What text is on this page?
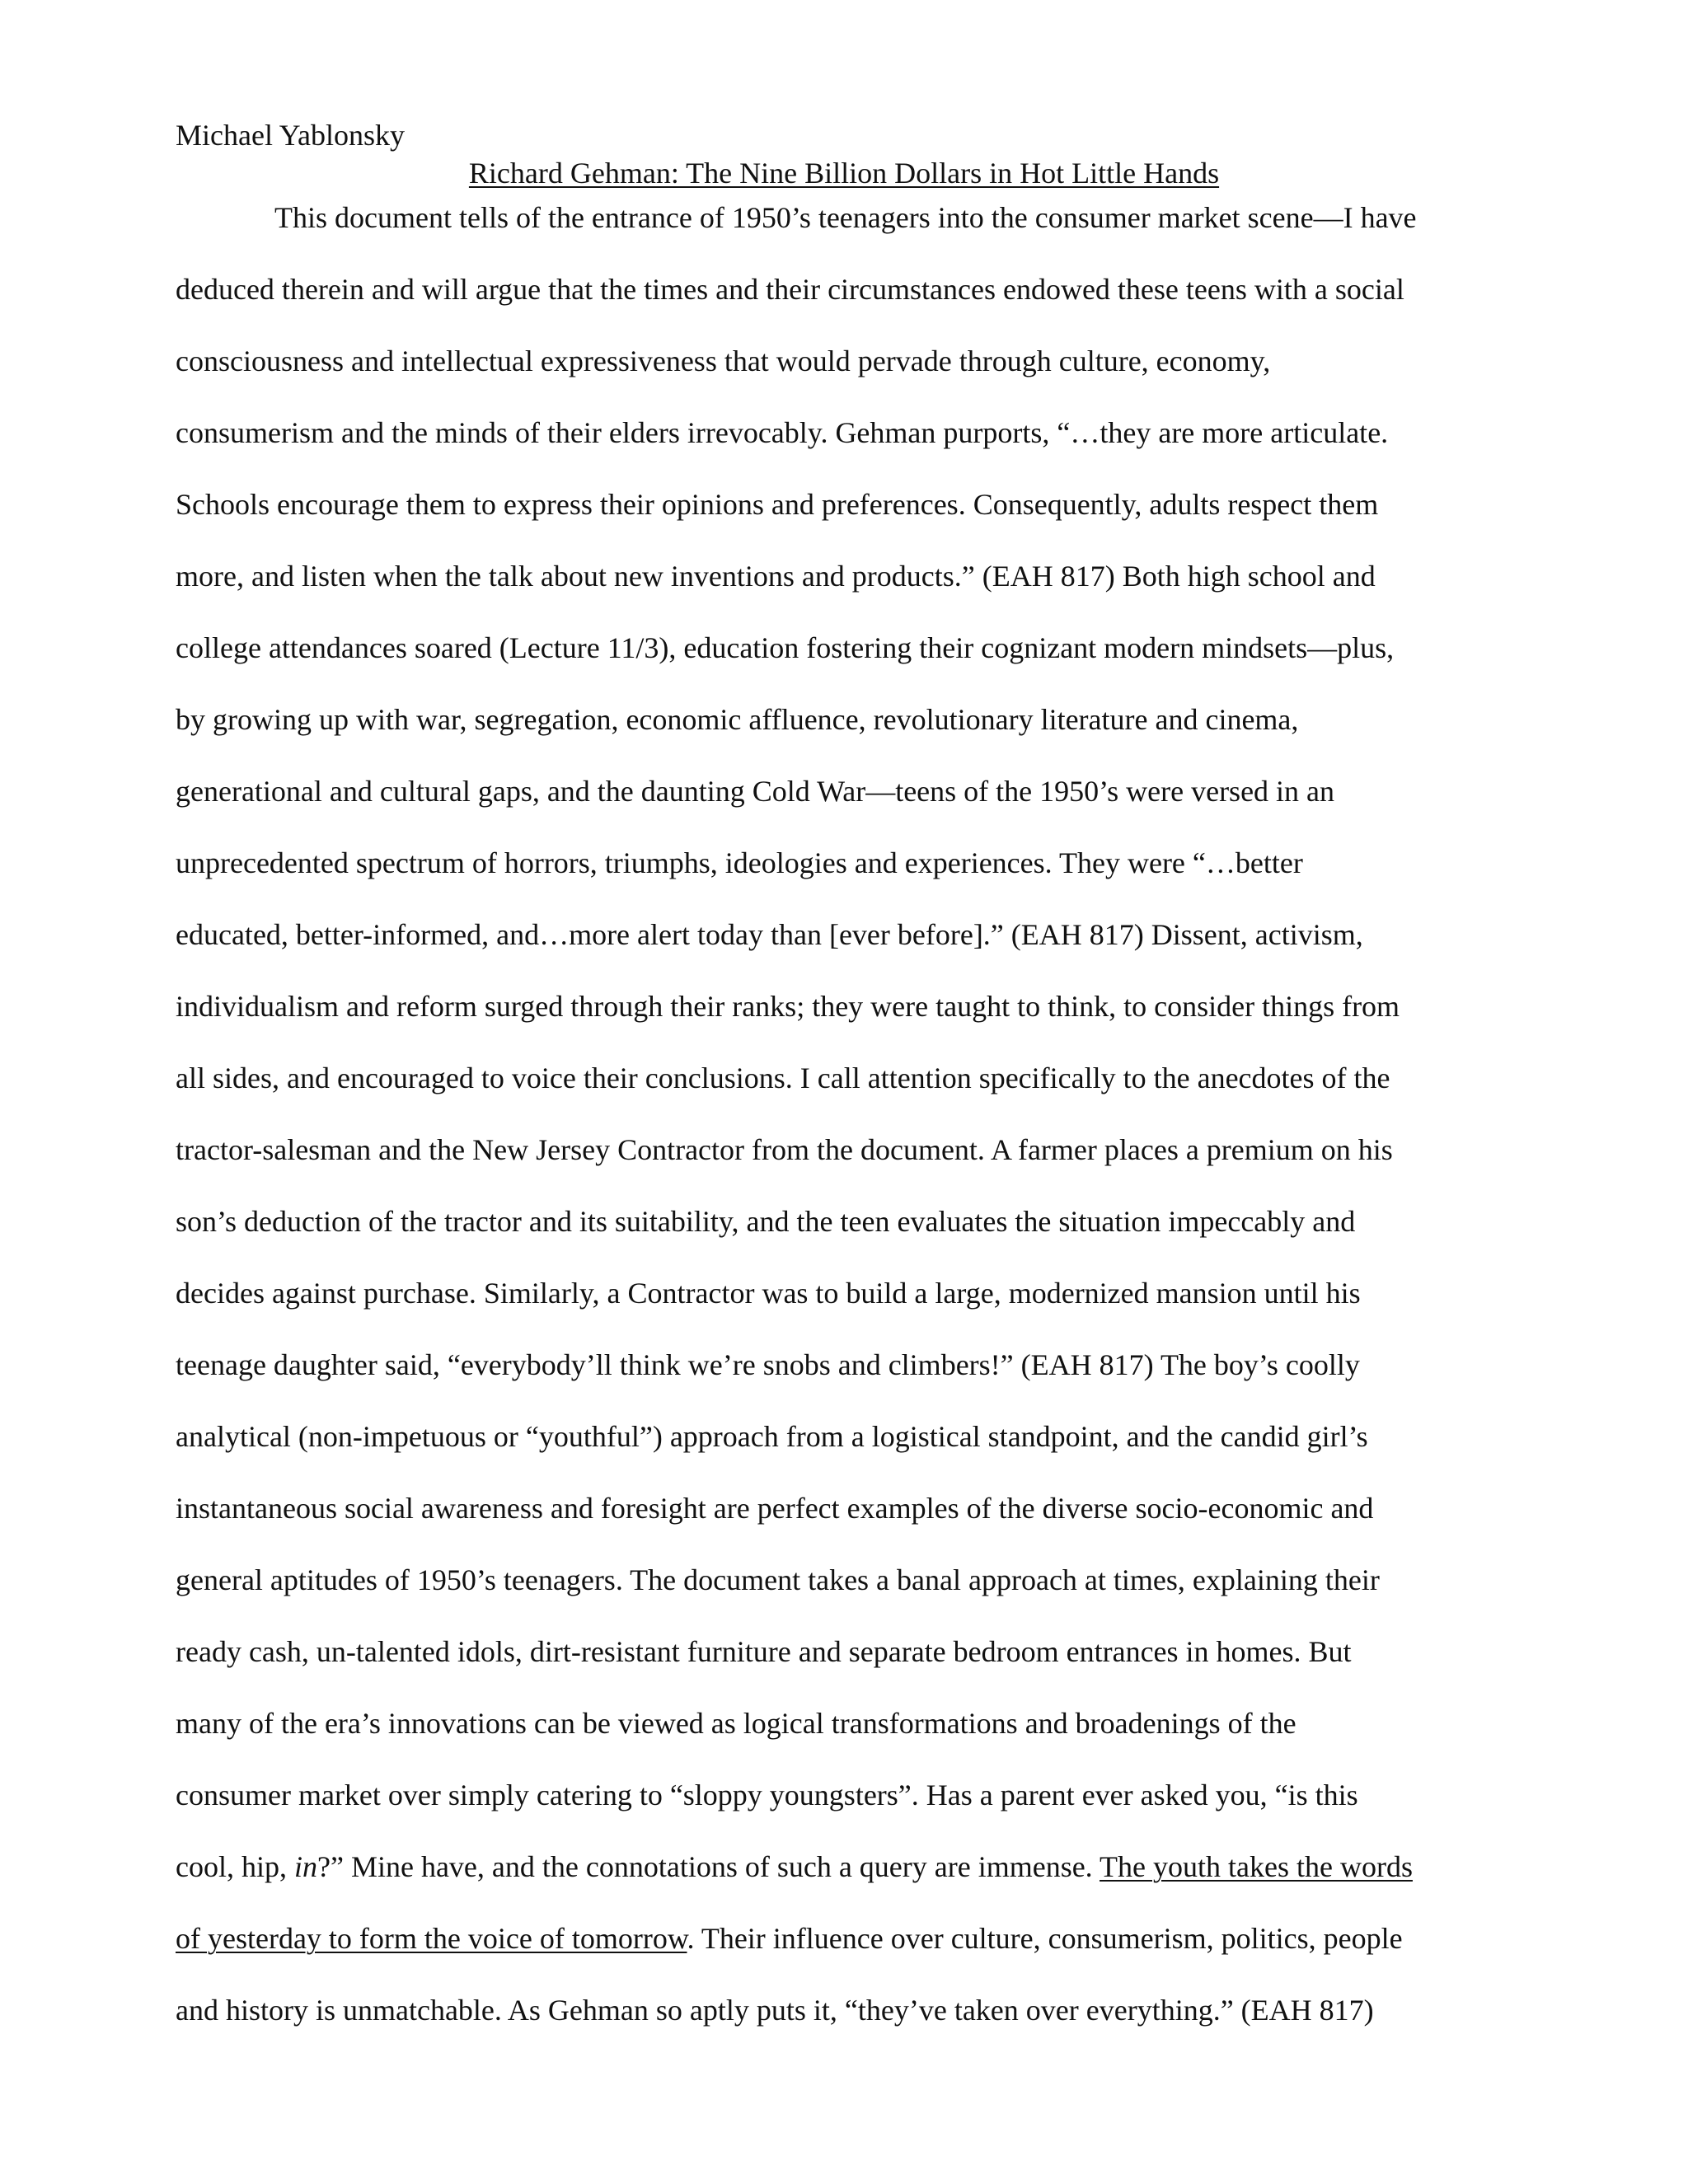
Michael Yablonsky
Richard Gehman: The Nine Billion Dollars in Hot Little Hands
This document tells of the entrance of 1950’s teenagers into the consumer market scene—I have
deduced therein and will argue that the times and their circumstances endowed these teens with a social
consciousness and intellectual expressiveness that would pervade through culture, economy,
consumerism and the minds of their elders irrevocably. Gehman purports, “…they are more articulate.
Schools encourage them to express their opinions and preferences. Consequently, adults respect them
more, and listen when the talk about new inventions and products.” (EAH 817) Both high school and
college attendances soared (Lecture 11/3), education fostering their cognizant modern mindsets—plus,
by growing up with war, segregation, economic affluence, revolutionary literature and cinema,
generational and cultural gaps, and the daunting Cold War—teens of the 1950’s were versed in an
unprecedented spectrum of horrors, triumphs, ideologies and experiences. They were “…better
educated, better-informed, and…more alert today than [ever before].” (EAH 817) Dissent, activism,
individualism and reform surged through their ranks; they were taught to think, to consider things from
all sides, and encouraged to voice their conclusions. I call attention specifically to the anecdotes of the
tractor-salesman and the New Jersey Contractor from the document. A farmer places a premium on his
son’s deduction of the tractor and its suitability, and the teen evaluates the situation impeccably and
decides against purchase. Similarly, a Contractor was to build a large, modernized mansion until his
teenage daughter said, “everybody’ll think we’re snobs and climbers!” (EAH 817) The boy’s coolly
analytical (non-impetuous or “youthful”) approach from a logistical standpoint, and the candid girl’s
instantaneous social awareness and foresight are perfect examples of the diverse socio-economic and
general aptitudes of 1950’s teenagers. The document takes a banal approach at times, explaining their
ready cash, un-talented idols, dirt-resistant furniture and separate bedroom entrances in homes. But
many of the era’s innovations can be viewed as logical transformations and broadenings of the
consumer market over simply catering to “sloppy youngsters”. Has a parent ever asked you, “is this
cool, hip, in?” Mine have, and the connotations of such a query are immense. The youth takes the words
of yesterday to form the voice of tomorrow. Their influence over culture, consumerism, politics, people
and history is unmatchable. As Gehman so aptly puts it, “they’ve taken over everything.” (EAH 817)
